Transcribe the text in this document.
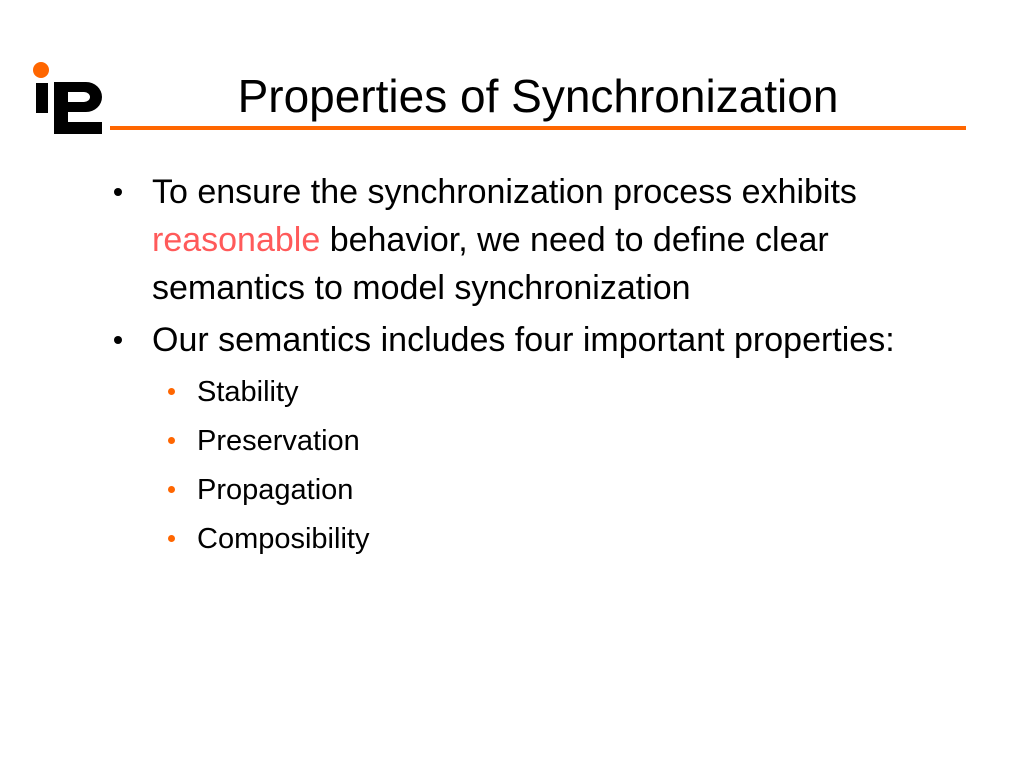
Properties of Synchronization
To ensure the synchronization process exhibits reasonable behavior, we need to define clear semantics to model synchronization
Our semantics includes four important properties:
Stability
Preservation
Propagation
Composibility
